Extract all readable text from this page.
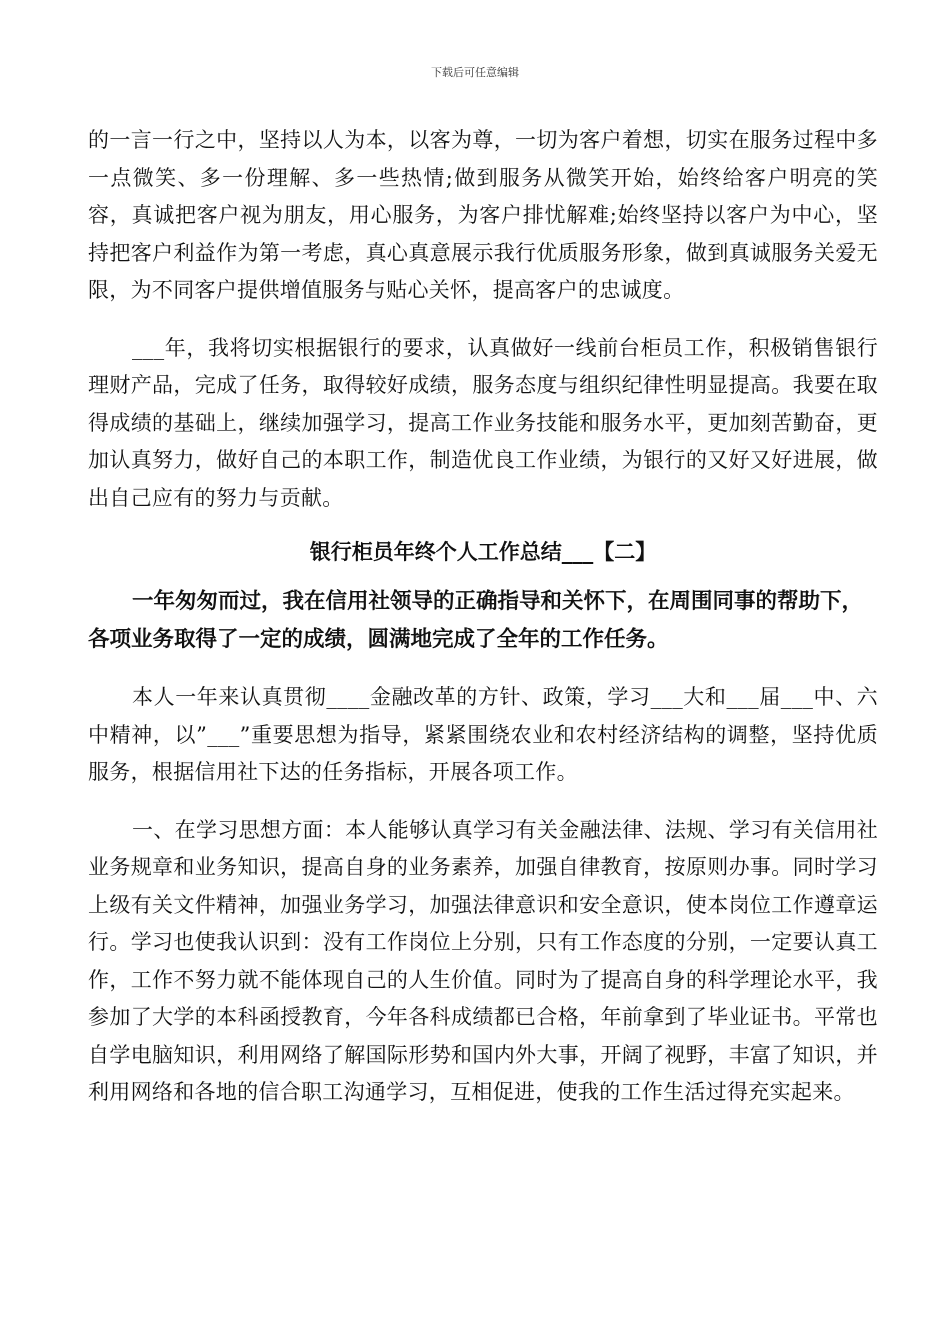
下载后可任意编辑

的一言一行之中，坚持以人为本，以客为尊，一切为客户着想，切实在服务过程中多一点微笑、多一份理解、多一些热情;做到服务从微笑开始，始终给客户明亮的笑容，真诚把客户视为朋友，用心服务，为客户排忧解难;始终坚持以客户为中心，坚持把客户利益作为第一考虑，真心真意展示我行优质服务形象，做到真诚服务关爱无限，为不同客户提供增值服务与贴心关怀，提高客户的忠诚度。

___年，我将切实根据银行的要求，认真做好一线前台柜员工作，积极销售银行理财产品，完成了任务，取得较好成绩，服务态度与组织纪律性明显提高。我要在取得成绩的基础上，继续加强学习，提高工作业务技能和服务水平，更加刻苦勤奋，更加认真努力，做好自己的本职工作，制造优良工作业绩，为银行的又好又好进展，做出自己应有的努力与贡献。

银行柜员年终个人工作总结___【二】

一年匆匆而过，我在信用社领导的正确指导和关怀下，在周围同事的帮助下，各项业务取得了一定的成绩，圆满地完成了全年的工作任务。

本人一年来认真贯彻____金融改革的方针、政策，学习___大和___届___中、六中精神，以”___”重要思想为指导，紧紧围绕农业和农村经济结构的调整，坚持优质服务，根据信用社下达的任务指标，开展各项工作。

一、在学习思想方面：本人能够认真学习有关金融法律、法规、学习有关信用社业务规章和业务知识，提高自身的业务素养，加强自律教育，按原则办事。同时学习上级有关文件精神，加强业务学习，加强法律意识和安全意识，使本岗位工作遵章运行。学习也使我认识到：没有工作岗位上分别，只有工作态度的分别，一定要认真工作，工作不努力就不能体现自己的人生价值。同时为了提高自身的科学理论水平，我参加了大学的本科函授教育，今年各科成绩都已合格，年前拿到了毕业证书。平常也自学电脑知识，利用网络了解国际形势和国内外大事，开阔了视野，丰富了知识，并利用网络和各地的信合职工沟通学习，互相促进，使我的工作生活过得充实起来。
